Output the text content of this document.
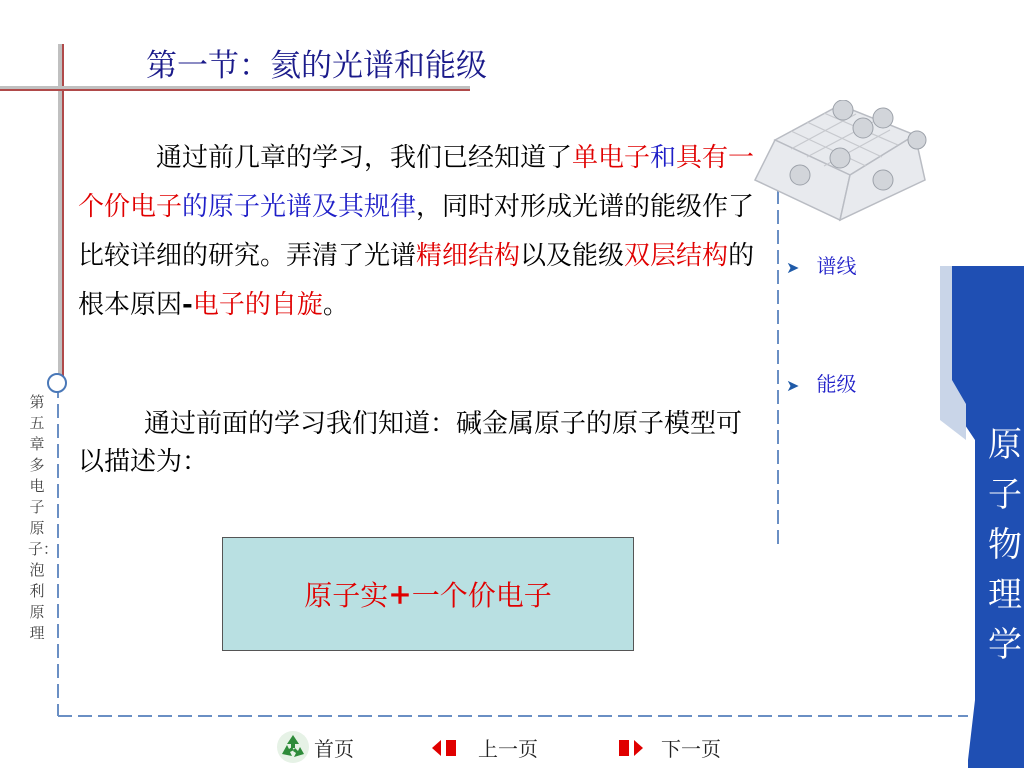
第一节：氦的光谱和能级
通过前几章的学习，我们已经知道了单电子和具有一个价电子的原子光谱及其规律，同时对形成光谱的能级作了比较详细的研究。弄清了光谱精细结构以及能级双层结构的根本原因-电子的自旋。
通过前面的学习我们知道：碱金属原子的原子模型可以描述为：
原子实 + 一个价电子
第五章 多电子原子：泡利原理
➤ 谱线
➤ 能级
原子物理学
首页	上一页	下一页
